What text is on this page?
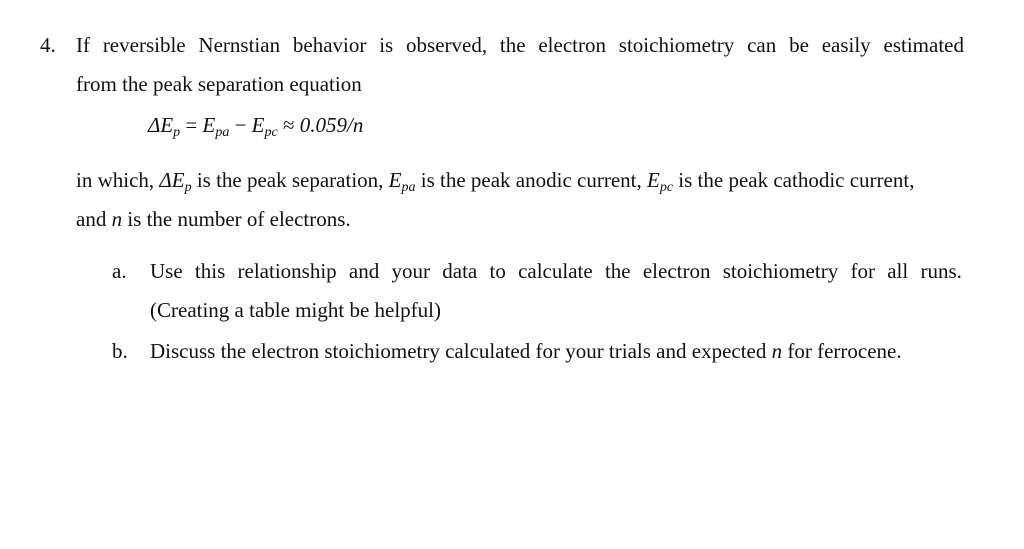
4. If reversible Nernstian behavior is observed, the electron stoichiometry can be easily estimated
from the peak separation equation
$\Delta E_p = E_{pa} - E_{pc} \approx 0.059/n$
in which, $\Delta E_p$ is the peak separation, $E_{pa}$ is the peak anodic current, $E_{pc}$ is the peak cathodic current,
and n is the number of electrons.
a. Use this relationship and your data to calculate the electron stoichiometry for all runs.
(Creating a table might be helpful)
b. Discuss the electron stoichiometry calculated for your trials and expected n for ferrocene.
